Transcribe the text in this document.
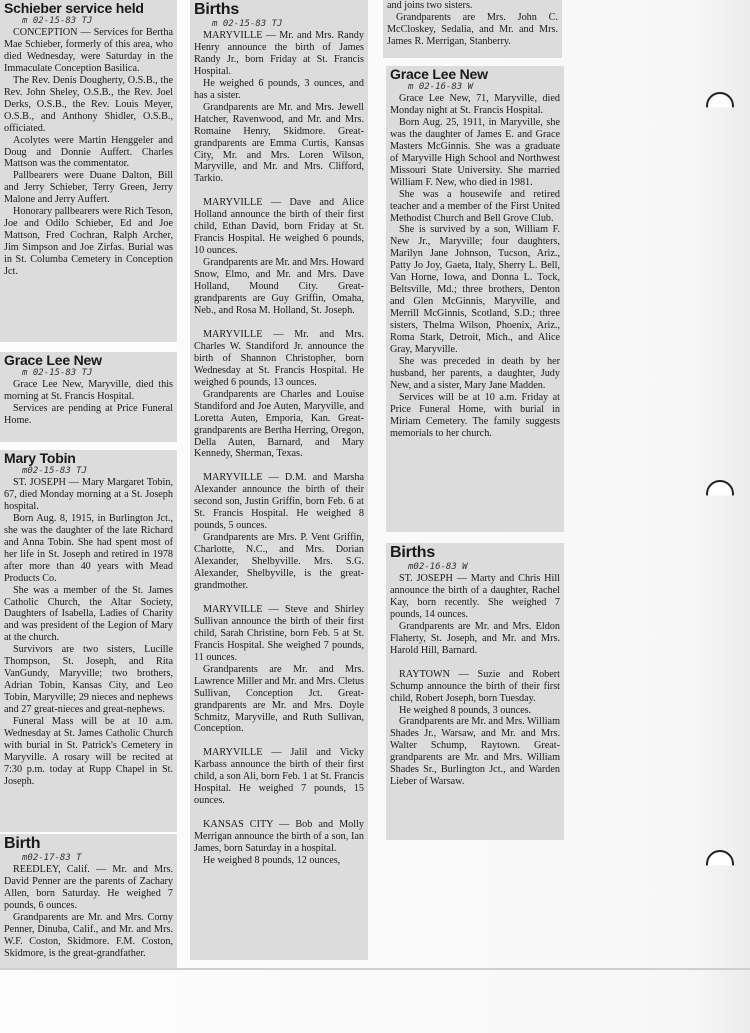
Schieber service held
m 02-15-83 TJ

CONCEPTION — Services for Bertha Mae Schieber, formerly of this area, who died Wednesday, were Saturday in the Immaculate Conception Basilica.

The Rev. Denis Dougherty, O.S.B., the Rev. John Sheley, O.S.B., the Rev. Joel Derks, O.S.B., the Rev. Louis Meyer, O.S.B., and Anthony Shidler, O.S.B., officiated.

Acolytes were Martin Henggeler and Doug and Donnie Auffert. Charles Mattson was the commentator.

Pallbearers were Duane Dalton, Bill and Jerry Schieber, Terry Green, Jerry Malone and Jerry Auffert.

Honorary pallbearers were Rich Teson, Joe and Odilo Schieber, Ed and Joe Mattson, Fred Cochran, Ralph Archer, Jim Simpson and Joe Zirfas. Burial was in St. Columba Cemetery in Conception Jct.

Grace Lee New
m 02-15-83 TJ

Grace Lee New, Maryville, died this morning at St. Francis Hospital.

Services are pending at Price Funeral Home.

Mary Tobin
m02-15-83 TJ

ST. JOSEPH — Mary Margaret Tobin, 67, died Monday morning at a St. Joseph hospital.

Born Aug. 8, 1915, in Burlington Jct., she was the daughter of the late Richard and Anna Tobin. She had spent most of her life in St. Joseph and retired in 1978 after more than 40 years with Mead Products Co.

She was a member of the St. James Catholic Church, the Altar Society, Daughters of Isabella, Ladies of Charity and was president of the Legion of Mary at the church.

Survivors are two sisters, Lucille Thompson, St. Joseph, and Rita VanGundy, Maryville; two brothers, Adrian Tobin, Kansas City, and Leo Tobin, Maryville; 29 nieces and nephews and 27 great-nieces and great-nephews.

Funeral Mass will be at 10 a.m. Wednesday at St. James Catholic Church with burial in St. Patrick's Cemetery in Maryville. A rosary will be recited at 7:30 p.m. today at Rupp Chapel in St. Joseph.

Birth
m02-17-83 T

REEDLEY, Calif. — Mr. and Mrs. David Penner are the parents of Zachary Allen, born Saturday. He weighed 7 pounds, 6 ounces.

Grandparents are Mr. and Mrs. Corny Penner, Dinuba, Calif., and Mr. and Mrs. W.F. Coston, Skidmore. F.M. Coston, Skidmore, is the great-grandfather.

Births
m 02-15-83 TJ

MARYVILLE — Mr. and Mrs. Randy Henry announce the birth of James Randy Jr., born Friday at St. Francis Hospital.

He weighed 6 pounds, 3 ounces, and has a sister.

Grandparents are Mr. and Mrs. Jewell Hatcher, Ravenwood, and Mr. and Mrs. Romaine Henry, Skidmore. Great-grandparents are Emma Curtis, Kansas City, Mr. and Mrs. Loren Wilson, Maryville, and Mr. and Mrs. Clifford, Tarkio.

MARYVILLE — Dave and Alice Holland announce the birth of their first child, Ethan David, born Friday at St. Francis Hospital. He weighed 6 pounds, 10 ounces.

Grandparents are Mr. and Mrs. Howard Snow, Elmo, and Mr. and Mrs. Dave Holland, Mound City. Great-grandparents are Guy Griffin, Omaha, Neb., and Rosa M. Holland, St. Joseph.

MARYVILLE — Mr. and Mrs. Charles W. Standiford Jr. announce the birth of Shannon Christopher, born Wednesday at St. Francis Hospital. He weighed 6 pounds, 13 ounces.

Grandparents are Charles and Louise Standiford and Joe Auten, Maryville, and Loretta Auten, Emporia, Kan. Great-grandparents are Bertha Herring, Oregon, Della Auten, Barnard, and Mary Kennedy, Sherman, Texas.

MARYVILLE — D.M. and Marsha Alexander announce the birth of their second son, Justin Griffin, born Feb. 6 at St. Francis Hospital. He weighed 8 pounds, 5 ounces.

Grandparents are Mrs. P. Vent Griffin, Charlotte, N.C., and Mrs. Dorian Alexander, Shelbyville. Mrs. S.G. Alexander, Shelbyville, is the great-grandmother.

MARYVILLE — Steve and Shirley Sullivan announce the birth of their first child, Sarah Christine, born Feb. 5 at St. Francis Hospital. She weighed 7 pounds, 11 ounces.

Grandparents are Mr. and Mrs. Lawrence Miller and Mr. and Mrs. Cletus Sullivan, Conception Jct. Great-grandparents are Mr. and Mrs. Doyle Schmitz, Maryville, and Ruth Sullivan, Conception.

MARYVILLE — Jalil and Vicky Karbass announce the birth of their first child, a son Ali, born Feb. 1 at St. Francis Hospital. He weighed 7 pounds, 15 ounces.

KANSAS CITY — Bob and Molly Merrigan announce the birth of a son, Ian James, born Saturday in a hospital.

He weighed 8 pounds, 12 ounces,

and joins two sisters.

Grandparents are Mrs. John C. McCloskey, Sedalia, and Mr. and Mrs. James R. Merrigan, Stanberry.

Grace Lee New
m 02-16-83 W

Grace Lee New, 71, Maryville, died Monday night at St. Francis Hospital.

Born Aug. 25, 1911, in Maryville, she was the daughter of James E. and Grace Masters McGinnis. She was a graduate of Maryville High School and Northwest Missouri State University. She married William F. New, who died in 1981.

She was a housewife and retired teacher and a member of the First United Methodist Church and Bell Grove Club.

She is survived by a son, William F. New Jr., Maryville; four daughters, Marilyn Jane Johnson, Tucson, Ariz., Patty Jo Joy, Gaeta, Italy, Sherry L. Bell, Van Horne, Iowa, and Donna L. Tock, Beltsville, Md.; three brothers, Denton and Glen McGinnis, Maryville, and Merrill McGinnis, Scotland, S.D.; three sisters, Thelma Wilson, Phoenix, Ariz., Roma Stark, Detroit, Mich., and Alice Gray, Maryville.

She was preceded in death by her husband, her parents, a daughter, Judy New, and a sister, Mary Jane Madden.

Services will be at 10 a.m. Friday at Price Funeral Home, with burial in Miriam Cemetery. The family suggests memorials to her church.

Births
m02-16-83 W

ST. JOSEPH — Marty and Chris Hill announce the birth of a daughter, Rachel Kay, born recently. She weighed 7 pounds, 14 ounces.

Grandparents are Mr. and Mrs. Eldon Flaherty, St. Joseph, and Mr. and Mrs. Harold Hill, Barnard.

RAYTOWN — Suzie and Robert Schump announce the birth of their first child, Robert Joseph, born Tuesday.

He weighed 8 pounds, 3 ounces.

Grandparents are Mr. and Mrs. William Shades Jr., Warsaw, and Mr. and Mrs. Walter Schump, Raytown. Great-grandparents are Mr. and Mrs. William Shades Sr., Burlington Jct., and Warden Lieber of Warsaw.
